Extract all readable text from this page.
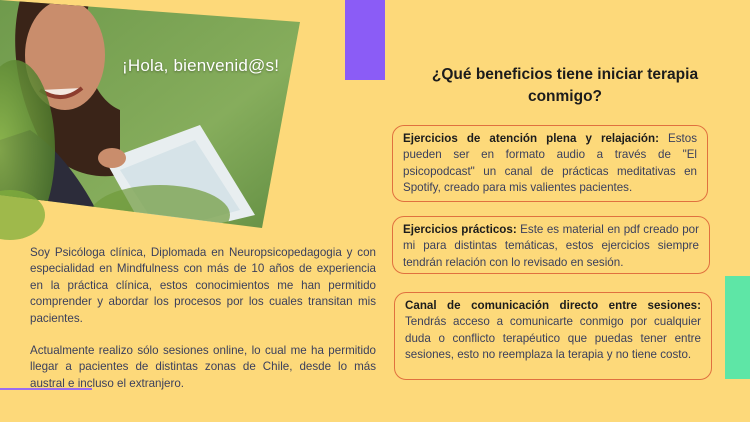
¡Hola, bienvenid@s!

Soy Psicóloga clínica, Diplomada en Neuropsicopedagogia y con especialidad en Mindfulness con más de 10 años de experiencia en la práctica clínica, estos conocimientos me han permitido comprender y abordar los procesos por los cuales transitan mis pacientes.

Actualmente realizo sólo sesiones online, lo cual me ha permitido llegar a pacientes de distintas zonas de Chile, desde lo más austral e incluso el extranjero.

¿Qué beneficios tiene iniciar terapia conmigo?
Ejercicios de atención plena y relajación: Estos pueden ser en formato audio a través de "El psicopodcast" un canal de prácticas meditativas en Spotify, creado para mis valientes pacientes.
Ejercicios prácticos: Este es material en pdf creado por mi para distintas temáticas, estos ejercicios siempre tendrán relación con lo revisado en sesión.
Canal de comunicación directo entre sesiones: Tendrás acceso a comunicarte conmigo por cualquier duda o conflicto terapéutico que puedas tener entre sesiones, esto no reemplaza la terapia y no tiene costo.
